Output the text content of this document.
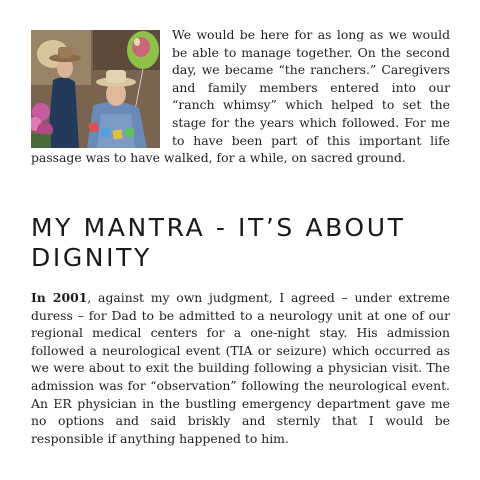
We would be here for as long as we would be able to manage together. On the second day, we became “the ranchers.” Caregivers and family members entered into our “ranch whimsy” which helped to set the stage for the years which followed. For me to have been part of this important life passage was to have walked, for a while, on sacred ground.

MY MANTRA - IT’S ABOUT
DIGNITY

In 2001, against my own judgment, I agreed – under extreme duress – for Dad to be admitted to a neurology unit at one of our regional medical centers for a one-night stay. His admission followed a neurological event (TIA or seizure) which occurred as we were about to exit the building following a physician visit. The admission was for “observation” following the neurological event. An ER physician in the bustling emergency department gave me no options and said briskly and sternly that I would be responsible if anything happened to him.
